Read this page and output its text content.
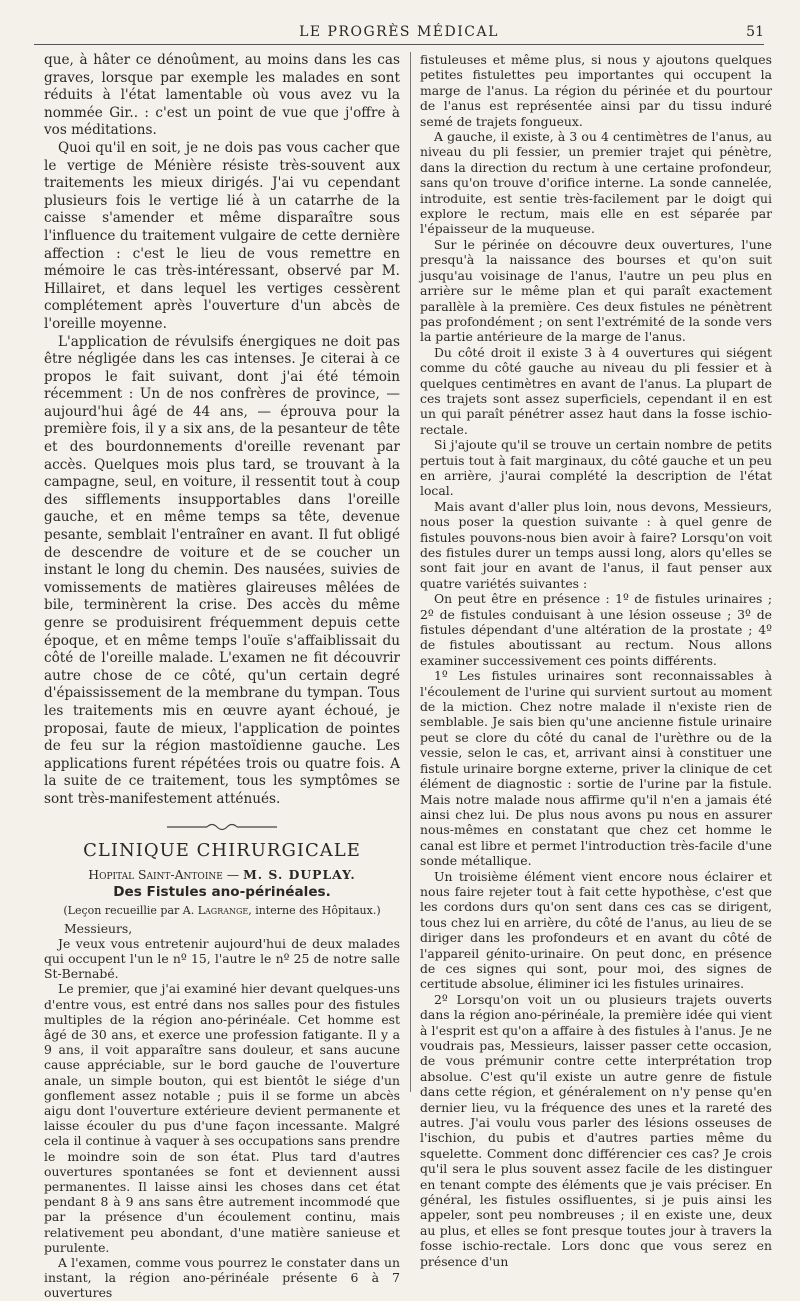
LE PROGRÈS MÉDICAL	51

que, à hâter ce dénoûment, au moins dans les cas graves, lorsque par exemple les malades en sont réduits à l'état lamentable où vous avez vu la nommée Gir.. : c'est un point de vue que j'offre à vos méditations.

Quoi qu'il en soit, je ne dois pas vous cacher que le vertige de Ménière résiste très-souvent aux traitements les mieux dirigés. J'ai vu cependant plusieurs fois le vertige lié à un catarrhe de la caisse s'amender et même disparaître sous l'influence du traitement vulgaire de cette dernière affection : c'est le lieu de vous remettre en mémoire le cas très-intéressant, observé par M. Hillairet, et dans lequel les vertiges cessèrent complétement après l'ouverture d'un abcès de l'oreille moyenne.

L'application de révulsifs énergiques ne doit pas être négligée dans les cas intenses. Je citerai à ce propos le fait suivant, dont j'ai été témoin récemment : Un de nos confrères de province, — aujourd'hui âgé de 44 ans, — éprouva pour la première fois, il y a six ans, de la pesanteur de tête et des bourdonnements d'oreille revenant par accès. Quelques mois plus tard, se trouvant à la campagne, seul, en voiture, il ressentit tout à coup des sifflements insupportables dans l'oreille gauche, et en même temps sa tête, devenue pesante, semblait l'entraîner en avant. Il fut obligé de descendre de voiture et de se coucher un instant le long du chemin. Des nausées, suivies de vomissements de matières glaireuses mêlées de bile, terminèrent la crise. Des accès du même genre se produisirent fréquemment depuis cette époque, et en même temps l'ouïe s'affaiblissait du côté de l'oreille malade. L'examen ne fit découvrir autre chose de ce côté, qu'un certain degré d'épaississement de la membrane du tympan. Tous les traitements mis en œuvre ayant échoué, je proposai, faute de mieux, l'application de pointes de feu sur la région mastoïdienne gauche. Les applications furent répétées trois ou quatre fois. A la suite de ce traitement, tous les symptômes se sont très-manifestement atténués.

CLINIQUE CHIRURGICALE
Hopital Saint-Antoine — M. S. DUPLAY.
Des Fistules ano-périnéales.
(Leçon recueillie par A. Lagrange, interne des Hôpitaux.)
Messieurs,

Je veux vous entretenir aujourd'hui de deux malades qui occupent l'un le nº 15, l'autre le nº 25 de notre salle St-Bernabé.

Le premier, que j'ai examiné hier devant quelques-uns d'entre vous, est entré dans nos salles pour des fistules multiples de la région ano-périnéale. Cet homme est âgé de 30 ans, et exerce une profession fatigante. Il y a 9 ans, il voit apparaître sans douleur, et sans aucune cause appréciable, sur le bord gauche de l'ouverture anale, un simple bouton, qui est bientôt le siége d'un gonflement assez notable ; puis il se forme un abcès aigu dont l'ouverture extérieure devient permanente et laisse écouler du pus d'une façon incessante. Malgré cela il continue à vaquer à ses occupations sans prendre le moindre soin de son état. Plus tard d'autres ouvertures spontanées se font et deviennent aussi permanentes. Il laisse ainsi les choses dans cet état pendant 8 à 9 ans sans être autrement incommodé que par la présence d'un écoulement continu, mais relativement peu abondant, d'une matière sanieuse et purulente.

A l'examen, comme vous pourrez le constater dans un instant, la région ano-périnéale présente 6 à 7 ouvertures

fistuleuses et même plus, si nous y ajoutons quelques petites fistulettes peu importantes qui occupent la marge de l'anus. La région du périnée et du pourtour de l'anus est représentée ainsi par du tissu induré semé de trajets fongueux.

A gauche, il existe, à 3 ou 4 centimètres de l'anus, au niveau du pli fessier, un premier trajet qui pénètre, dans la direction du rectum à une certaine profondeur, sans qu'on trouve d'orifice interne. La sonde cannelée, introduite, est sentie très-facilement par le doigt qui explore le rectum, mais elle en est séparée par l'épaisseur de la muqueuse.

Sur le périnée on découvre deux ouvertures, l'une presqu'à la naissance des bourses et qu'on suit jusqu'au voisinage de l'anus, l'autre un peu plus en arrière sur le même plan et qui paraît exactement parallèle à la première. Ces deux fistules ne pénètrent pas profondément ; on sent l'extrémité de la sonde vers la partie antérieure de la marge de l'anus.

Du côté droit il existe 3 à 4 ouvertures qui siégent comme du côté gauche au niveau du pli fessier et à quelques centimètres en avant de l'anus. La plupart de ces trajets sont assez superficiels, cependant il en est un qui paraît pénétrer assez haut dans la fosse ischio-rectale.

Si j'ajoute qu'il se trouve un certain nombre de petits pertuis tout à fait marginaux, du côté gauche et un peu en arrière, j'aurai complété la description de l'état local.

Mais avant d'aller plus loin, nous devons, Messieurs, nous poser la question suivante : à quel genre de fistules pouvons-nous bien avoir à faire? Lorsqu'on voit des fistules durer un temps aussi long, alors qu'elles se sont fait jour en avant de l'anus, il faut penser aux quatre variétés suivantes :

On peut être en présence : 1º de fistules urinaires ; 2º de fistules conduisant à une lésion osseuse ; 3º de fistules dépendant d'une altération de la prostate ; 4º de fistules aboutissant au rectum. Nous allons examiner successivement ces points différents.

1º Les fistules urinaires sont reconnaissables à l'écoulement de l'urine qui survient surtout au moment de la miction. Chez notre malade il n'existe rien de semblable. Je sais bien qu'une ancienne fistule urinaire peut se clore du côté du canal de l'urèthre ou de la vessie, selon le cas, et, arrivant ainsi à constituer une fistule urinaire borgne externe, priver la clinique de cet élément de diagnostic : sortie de l'urine par la fistule. Mais notre malade nous affirme qu'il n'en a jamais été ainsi chez lui. De plus nous avons pu nous en assurer nous-mêmes en constatant que chez cet homme le canal est libre et permet l'introduction très-facile d'une sonde métallique.

Un troisième élément vient encore nous éclairer et nous faire rejeter tout à fait cette hypothèse, c'est que les cordons durs qu'on sent dans ces cas se dirigent, tous chez lui en arrière, du côté de l'anus, au lieu de se diriger dans les profondeurs et en avant du côté de l'appareil génito-urinaire. On peut donc, en présence de ces signes qui sont, pour moi, des signes de certitude absolue, éliminer ici les fistules urinaires.

2º Lorsqu'on voit un ou plusieurs trajets ouverts dans la région ano-périnéale, la première idée qui vient à l'esprit est qu'on a affaire à des fistules à l'anus. Je ne voudrais pas, Messieurs, laisser passer cette occasion, de vous prémunir contre cette interprétation trop absolue. C'est qu'il existe un autre genre de fistule dans cette région, et généralement on n'y pense qu'en dernier lieu, vu la fréquence des unes et la rareté des autres. J'ai voulu vous parler des lésions osseuses de l'ischion, du pubis et d'autres parties même du squelette. Comment donc différencier ces cas? Je crois qu'il sera le plus souvent assez facile de les distinguer en tenant compte des éléments que je vais préciser. En général, les fistules ossifluentes, si je puis ainsi les appeler, sont peu nombreuses ; il en existe une, deux au plus, et elles se font presque toutes jour à travers la fosse ischio-rectale. Lors donc que vous serez en présence d'un
